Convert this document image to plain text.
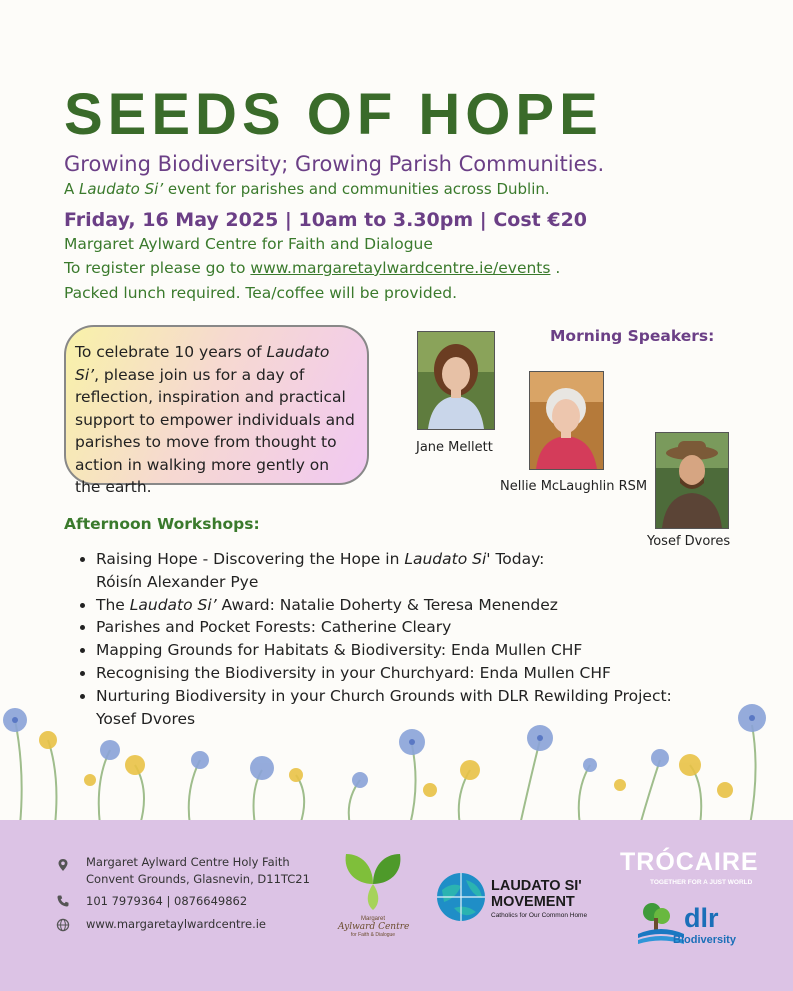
SEEDS OF HOPE
Growing Biodiversity; Growing Parish Communities.
A Laudato Si’ event for parishes and communities across Dublin.
Friday, 16 May 2025 | 10am to 3.30pm | Cost €20
Margaret Aylward Centre for Faith and Dialogue
To register please go to www.margaretaylwardcentre.ie/events .
Packed lunch required. Tea/coffee will be provided.
To celebrate 10 years of Laudato Si’, please join us for a day of reflection, inspiration and practical support to empower individuals and parishes to move from thought to action in walking more gently on the earth.
Morning Speakers:
Jane Mellett
Nellie McLaughlin RSM
Yosef Dvores
Afternoon Workshops:
• Raising Hope - Discovering the Hope in Laudato Si' Today:
Róisín Alexander Pye
• The Laudato Si’ Award: Natalie Doherty & Teresa Menendez
• Parishes and Pocket Forests: Catherine Cleary
• Mapping Grounds for Habitats & Biodiversity: Enda Mullen CHF
• Recognising the Biodiversity in your Churchyard: Enda Mullen CHF
• Nurturing Biodiversity in your Church Grounds with DLR Rewilding Project:
Yosef Dvores
Margaret Aylward Centre Holy Faith
Convent Grounds, Glasnevin, D11TC21
101 7979364 | 0876649862
www.margaretaylwardcentre.ie	Margaret
Aylward Centre
for Faith & Dialogue
LAUDATO SI'
MOVEMENT
Catholics for Our Common Home
TRÓCAIRE
TOGETHER FOR A JUST WORLD
dlr
Biodiversity
